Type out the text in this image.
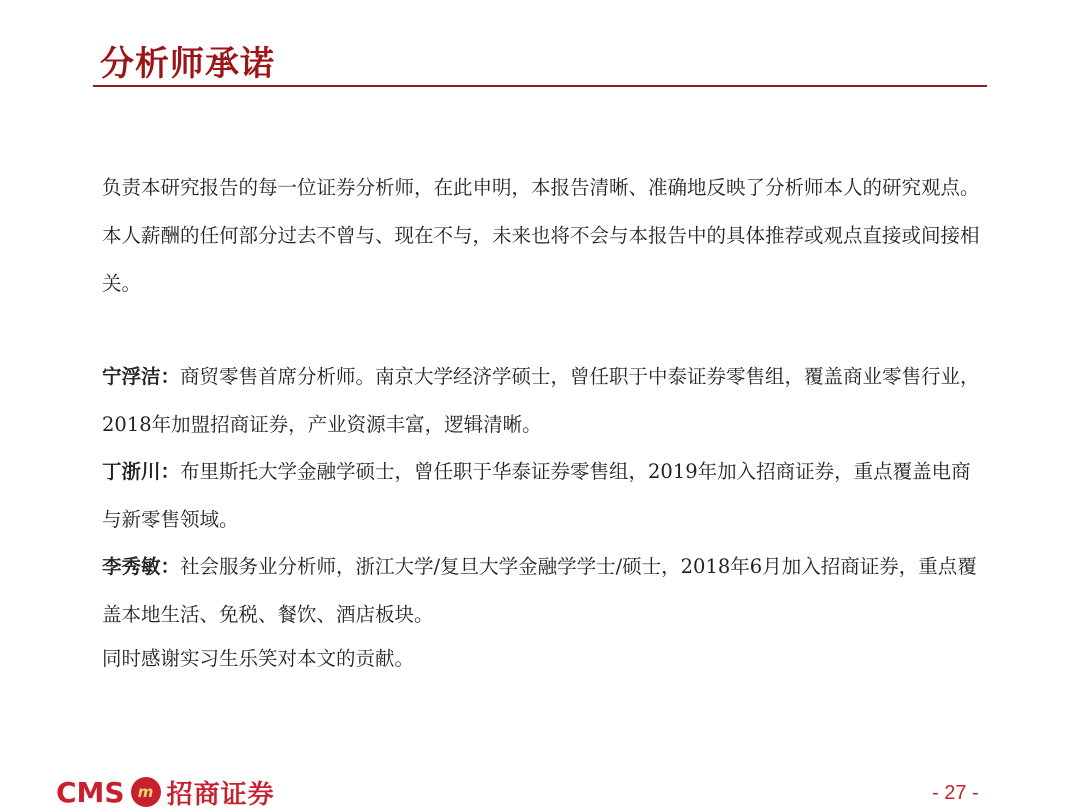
分析师承诺

负责本研究报告的每一位证券分析师，在此申明，本报告清晰、准确地反映了分析师本人的研究观点。本人薪酬的任何部分过去不曾与、现在不与，未来也将不会与本报告中的具体推荐或观点直接或间接相关。

宁浮洁：商贸零售首席分析师。南京大学经济学硕士，曾任职于中泰证券零售组，覆盖商业零售行业，2018年加盟招商证券，产业资源丰富，逻辑清晰。

丁浙川：布里斯托大学金融学硕士，曾任职于华泰证券零售组，2019年加入招商证券，重点覆盖电商与新零售领域。

李秀敏：社会服务业分析师，浙江大学/复旦大学金融学学士/硕士，2018年6月加入招商证券，重点覆盖本地生活、免税、餐饮、酒店板块。

同时感谢实习生乐笑对本文的贡献。

CMS m 招商证券	- 27 -
